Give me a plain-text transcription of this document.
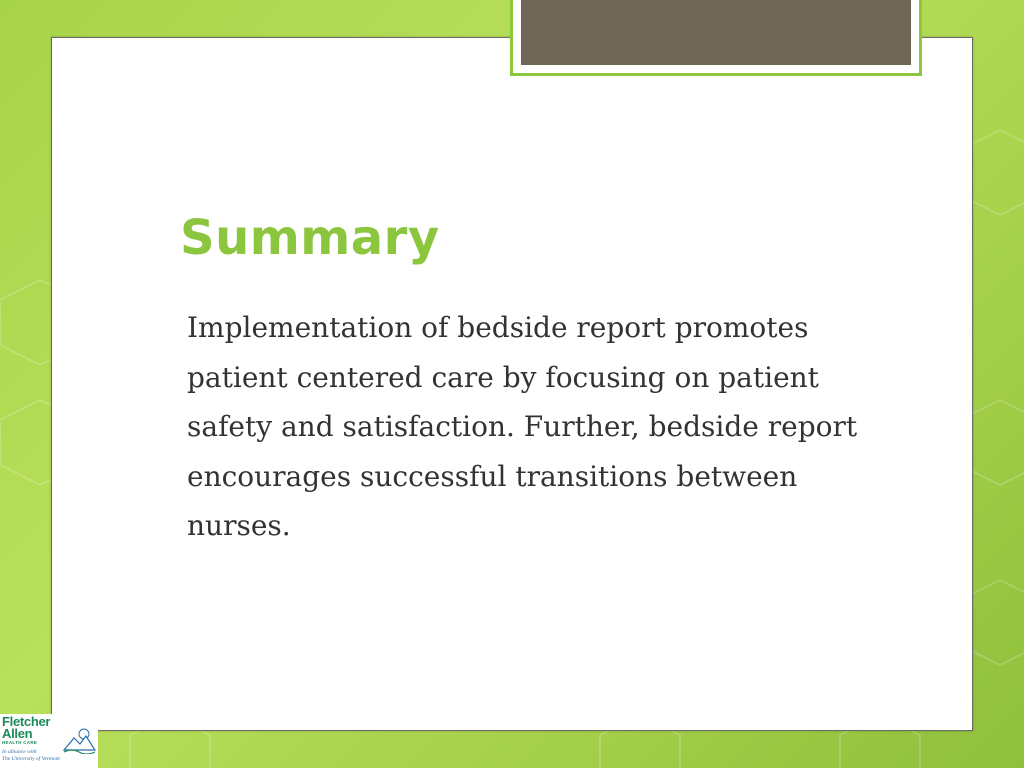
Summary

Implementation of bedside report promotes patient centered care by focusing on patient safety and satisfaction. Further, bedside report encourages successful transitions between nurses.

Fletcher
Allen
HEALTH CARE
In alliance with
The University of Vermont
